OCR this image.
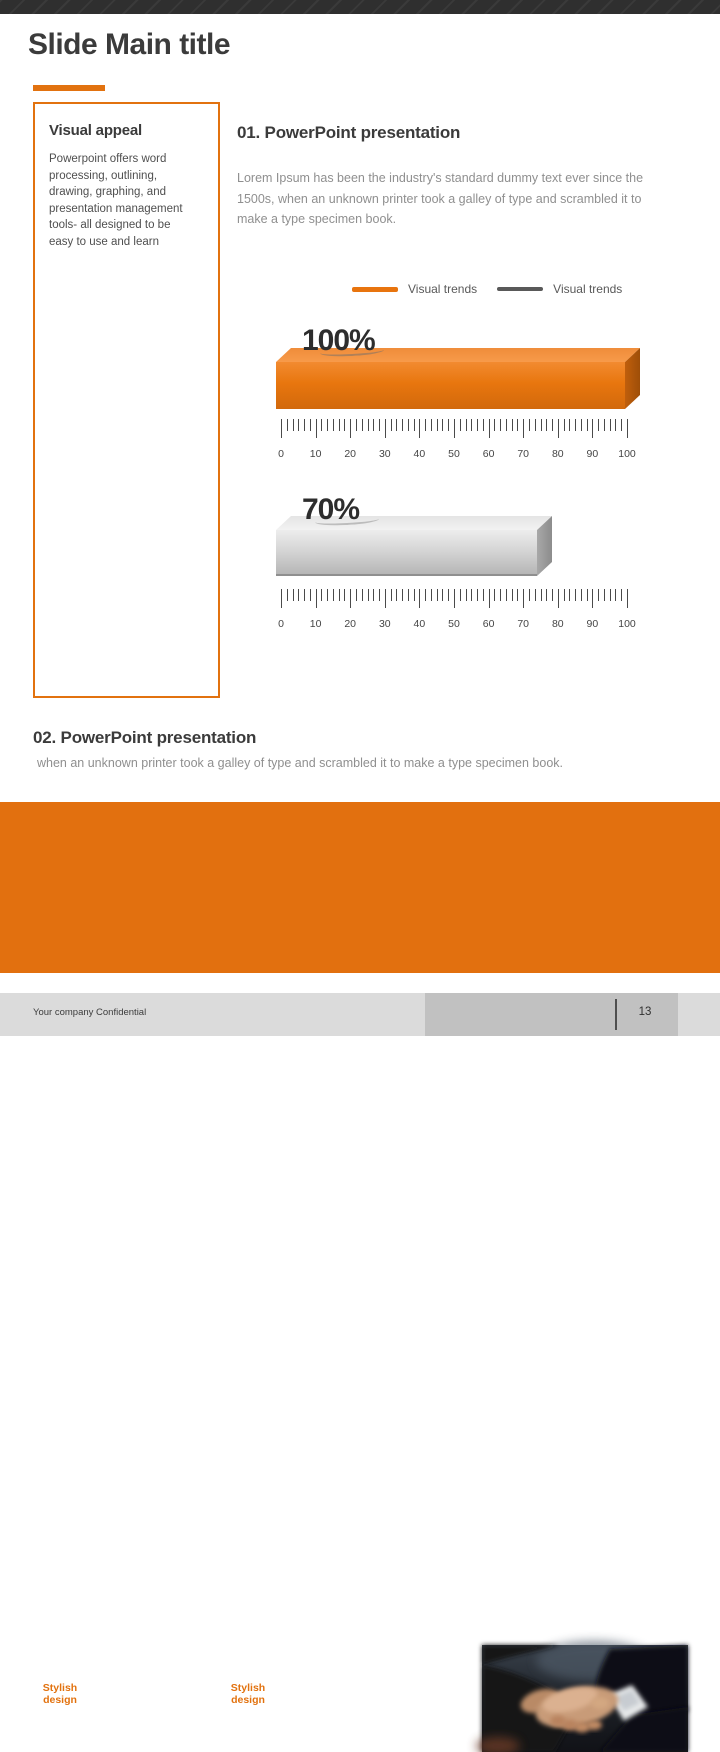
Slide Main title
Visual appeal

Powerpoint offers word processing, outlining, drawing, graphing, and presentation management tools- all designed to be easy to use and learn

01. PowerPoint presentation
Lorem Ipsum has been the industry's standard dummy text ever since the 1500s, when an unknown printer took a galley of type and scrambled it to make a type specimen book.
Visual trends	Visual trends
100%
0 10 20 30 40 50 60 70 80 90 100
70%
0 10 20 30 40 50 60 70 80 90 100
02. PowerPoint presentation
when an unknown printer took a galley of type and scrambled it to make a type specimen book.
Stylish design
Visual appeal
Stylish design
Visual appeal
Powerpoint offers word processing, outlining, drawing, graphing.
Your company Confidential	13
